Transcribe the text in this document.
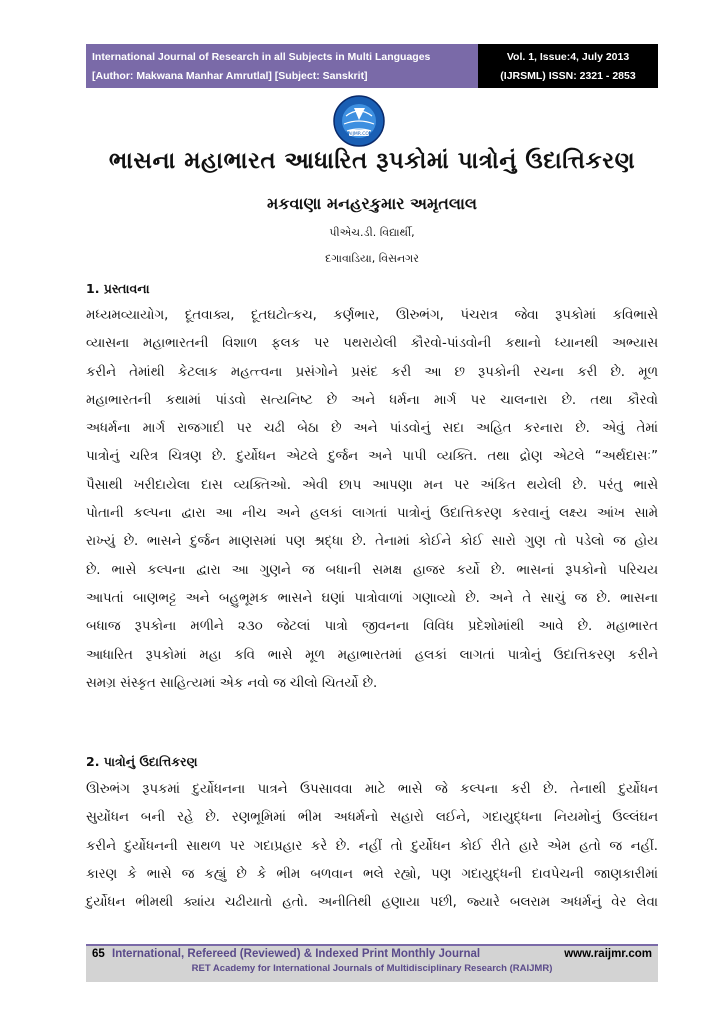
International Journal of Research in all Subjects in Multi Languages
[Author: Makwana Manhar Amrutlal] [Subject: Sanskrit]
Vol. 1, Issue:4, July 2013
(IJRSML) ISSN: 2321 - 2853
RAIJMR.COM
ભાસના મહાભારત આધારિત રૂપકોમાં પાત્રોનું ઉદાત્તિકરણ
મકવાણા મનહરકુમાર અમૃતલાલ
પીએચ.ડી. વિદ્યાર્થી,
દગાવાડિયા, વિસનગર
1. પ્રસ્તાવના
મધ્યમવ્યાયોગ, દૂતવાક્ય, દૂતઘટોત્કચ, કર્ણભાર, ઊરુભંગ, પંચરાત્ર જેવા રૂપકોમાં કવિભાસે
વ્યાસના મહાભારતની વિશાળ ફલક પર પથરાયેલી કૌરવો-પાંડવોની કથાનો ધ્યાનથી અભ્યાસ
કરીને તેમાંથી કેટલાક મહત્ત્વના પ્રસંગોને પ્રસંદ કરી આ છ રૂપકોની રચના કરી છે. મૂળ
મહાભારતની કથામાં પાંડવો સત્યનિષ્ટ છે અને ધર્મના માર્ગ પર ચાલનારા છે. તથા કૌરવો
અધર્મના માર્ગ રાજગાદી પર ચઢી બેઠા છે અને પાંડવોનું સદા અહિત કરનારા છે. એવું તેમાં
પાત્રોનું ચરિત્ર ચિત્રણ છે. દુર્યોધન એટલે દુર્જન અને પાપી વ્યક્તિ. તથા દ્રોણ એટલે “અર્થદાસઃ”
પૈસાથી ખરીદાયેલા દાસ વ્યક્તિઓ. એવી છાપ આપણા મન પર અંકિત થયેલી છે. પરંતુ ભાસે
પોતાની કલ્પના દ્વારા આ નીચ અને હલકાં લાગતાં પાત્રોનું ઉદાત્તિકરણ કરવાનું લક્ષ્ય આંખ સામે
રાખ્યું છે. ભાસને દુર્જન માણસમાં પણ શ્રદ્ધા છે. તેનામાં કોઈને કોઈ સારો ગુણ તો પડેલો જ હોય
છે. ભાસે કલ્પના દ્વારા આ ગુણને જ બધાની સમક્ષ હાજર કર્યો છે. ભાસનાં રૂપકોનો પરિચય
આપતાં બાણભટ્ટ અને બહુભૂમક ભાસને ઘણાં પાત્રોવાળાં ગણાવ્યો છે. અને તે સાચું જ છે. ભાસના
બધાજ રૂપકોના મળીને ૨૩૦ જેટલાં પાત્રો જીવનના વિવિધ પ્રદેશોમાંથી આવે છે. મહાભારત
આધારિત રૂપકોમાં મહા કવિ ભાસે મૂળ મહાભારતમાં હલકાં લાગતાં પાત્રોનું ઉદાત્તિકરણ કરીને
સમગ્ર સંસ્કૃત સાહિત્યમાં એક નવો જ ચીલો ચિતર્યો છે.
2. પાત્રોનું ઉદાત્તિકરણ
ઊરુભંગ રૂપકમાં દુર્યોધનના પાત્રને ઉપસાવવા માટે ભાસે જે કલ્પના કરી છે. તેનાથી દુર્યોધન
સુયોંધન બની રહે છે. રણભૂમિમાં ભીમ અધર્મનો સહારો લઈને, ગદાયુદ્ધના નિયમોનું ઉલ્લંઘન
કરીને દુર્યોધનની સાથળ પર ગદાપ્રહાર કરે છે. નહીં તો દુર્યોધન કોઈ રીતે હારે એમ હતો જ નહીં.
કારણ કે ભાસે જ કહ્યું છે કે ભીમ બળવાન ભલે રહ્યો, પણ ગદાયુદ્ધની દાવપેચની જાણકારીમાં
દુર્યોધન ભીમથી ક્યાંય ચઢીયાતો હતો. અનીતિથી હણાયા પછી, જ્યારે બલરામ અધર્મનું વેર લેવા
65 International, Refereed (Reviewed) & Indexed Print Monthly Journal	www.raijmr.com
RET Academy for International Journals of Multidisciplinary Research (RAIJMR)
